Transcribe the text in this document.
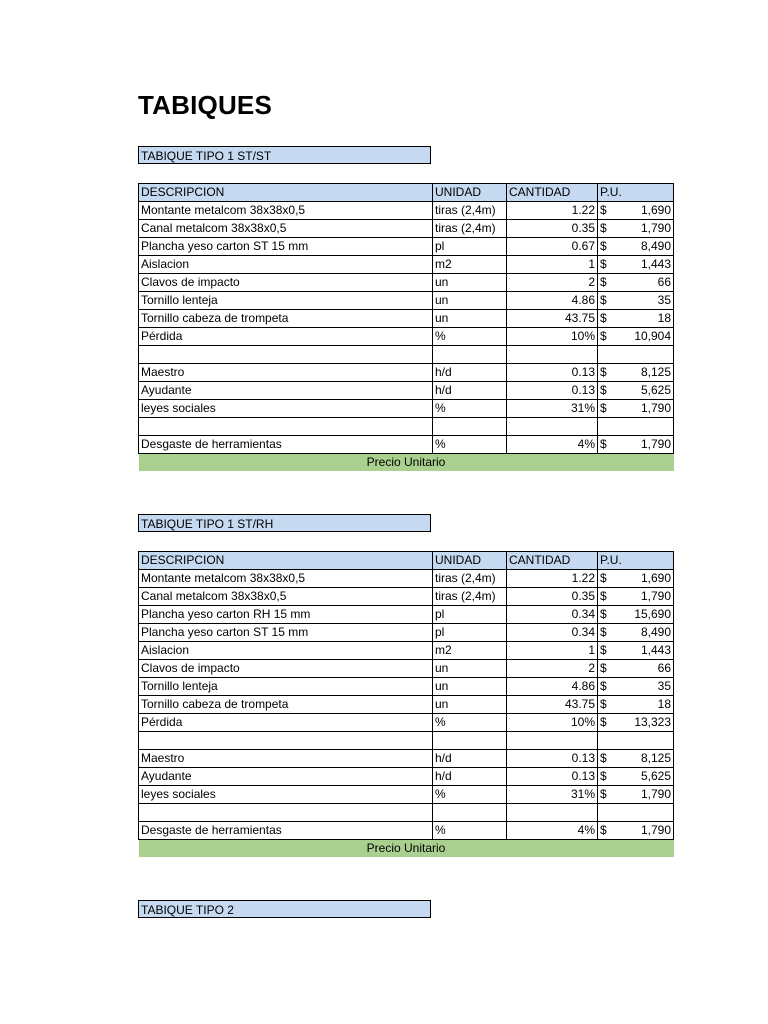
TABIQUES
TABIQUE TIPO 1 ST/ST
DESCRIPCION	UNIDAD	CANTIDAD	P.U.	
Montante metalcom 38x38x0,5	tiras (2,4m)	1.22	$	1,690
Canal metalcom 38x38x0,5	tiras (2,4m)	0.35	$	1,790
Plancha yeso carton ST 15 mm	pl	0.67	$	8,490
Aislacion	m2	1	$	1,443
Clavos de impacto	un	2	$	66
Tornillo lenteja	un	4.86	$	35
Tornillo cabeza de trompeta	un	43.75	$	18
Pérdida	%	10%	$	10,904

Maestro	h/d	0.13	$	8,125
Ayudante	h/d	0.13	$	5,625
leyes sociales	%	31%	$	1,790

Desgaste de herramientas	%	4%	$	1,790
Precio Unitario				
TABIQUE TIPO 1 ST/RH
DESCRIPCION	UNIDAD	CANTIDAD	P.U.	
Montante metalcom 38x38x0,5	tiras (2,4m)	1.22	$	1,690
Canal metalcom 38x38x0,5	tiras (2,4m)	0.35	$	1,790
Plancha yeso carton RH 15 mm	pl	0.34	$	15,690
Plancha yeso carton ST 15 mm	pl	0.34	$	8,490
Aislacion	m2	1	$	1,443
Clavos de impacto	un	2	$	66
Tornillo lenteja	un	4.86	$	35
Tornillo cabeza de trompeta	un	43.75	$	18
Pérdida	%	10%	$	13,323

Maestro	h/d	0.13	$	8,125
Ayudante	h/d	0.13	$	5,625
leyes sociales	%	31%	$	1,790

Desgaste de herramientas	%	4%	$	1,790
Precio Unitario				
TABIQUE TIPO 2
